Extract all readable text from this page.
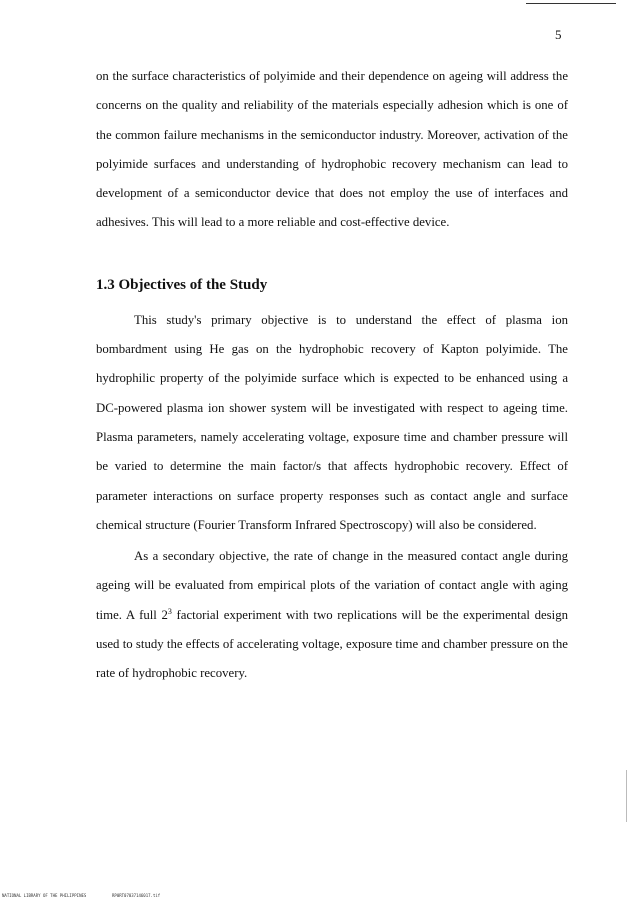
5

on the surface characteristics of polyimide and their dependence on ageing will address the concerns on the quality and reliability of the materials especially adhesion which is one of the common failure mechanisms in the semiconductor industry. Moreover, activation of the polyimide surfaces and understanding of hydrophobic recovery mechanism can lead to development of a semiconductor device that does not employ the use of interfaces and adhesives. This will lead to a more reliable and cost-effective device.

1.3 Objectives of the Study

This study's primary objective is to understand the effect of plasma ion bombardment using He gas on the hydrophobic recovery of Kapton polyimide. The hydrophilic property of the polyimide surface which is expected to be enhanced using a DC-powered plasma ion shower system will be investigated with respect to ageing time. Plasma parameters, namely accelerating voltage, exposure time and chamber pressure will be varied to determine the main factor/s that affects hydrophobic recovery. Effect of parameter interactions on surface property responses such as contact angle and surface chemical structure (Fourier Transform Infrared Spectroscopy) will also be considered.

As a secondary objective, the rate of change in the measured contact angle during ageing will be evaluated from empirical plots of the variation of contact angle with aging time. A full $2^3$ factorial experiment with two replications will be the experimental design used to study the effects of accelerating voltage, exposure time and chamber pressure on the rate of hydrophobic recovery.

NATIONAL LIBRARY OF THE PHILIPPINES	RP0RT07037146017.tif
